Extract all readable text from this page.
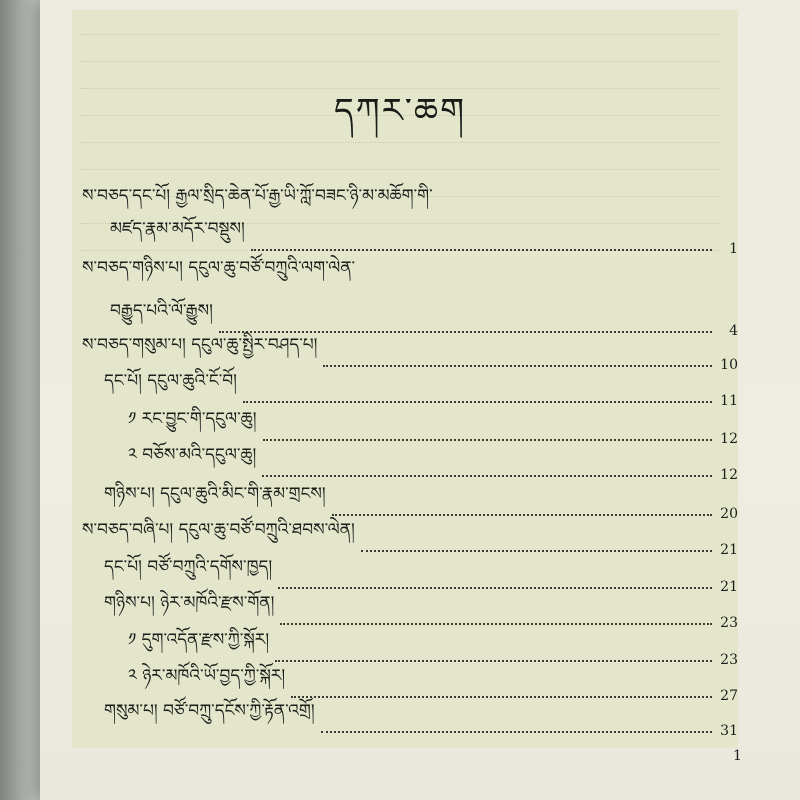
དཀར་ཆག
ས་བཅད་དང་པོ། རྒྱལ་སྲིད་ཆེན་པོ་རྒྱ་ཡི་ཀློ་བཟང་ཉི་མ་མཆོག་གི་
མཛད་རྣམ་མདོར་བསྡུས།
1
ས་བཅད་གཉིས་པ། དངུལ་ཆུ་བཙོ་བཀྲུའི་ལག་ལེན་
བརྒྱུད་པའི་ལོ་རྒྱུས།
4
ས་བཅད་གསུམ་པ། དངུལ་ཆུ་སྤྱིར་བཤད་པ།
10
དང་པོ། དངུལ་ཆུའི་ངོ་བོ།
11
༡ རང་བྱུང་གི་དངུལ་ཆུ།
12
༢ བཅོས་མའི་དངུལ་ཆུ།
12
གཉིས་པ། དངུལ་ཆུའི་མིང་གི་རྣམ་གྲངས།
20
ས་བཅད་བཞི་པ། དངུལ་ཆུ་བཙོ་བཀྲུའི་ཐབས་ལེན།
21
དང་པོ། བཙོ་བཀྲུའི་དགོས་ཁྱད།
21
གཉིས་པ། ཉེར་མཁོའི་རྫས་གོན།
23
༡ དུག་འདོན་རྫས་ཀྱི་སྐོར།
23
༢ ཉེར་མཁོའི་ཡོ་བྱད་ཀྱི་སྐོར།
27
གསུམ་པ། བཙོ་བཀྲུ་དངོས་ཀྱི་རྟོན་འགྲོ།
31
1
